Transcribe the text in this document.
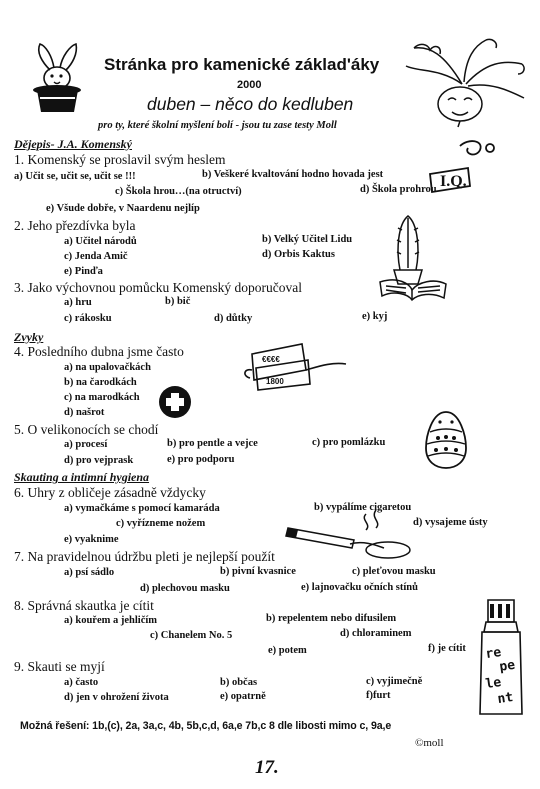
Stránka pro kamenické základ'áky
2000
duben – něco do kedluben
pro ty, které školní myšlení bolí - jsou tu zase testy Moll
Dějepis- J.A. Komenský
1. Komenský se proslavil svým heslem
a) Učit se, učit se, učit se !!!	b) Veškeré kvaltování hodno hovada jest
c) Škola hrou…(na otructví)	d) Škola prohrou
e) Všude dobře, v Naardenu nejlíp
2. Jeho přezdívka byla
a) Učitel národů	b) Velký Učitel Lidu
c) Jenda Amič	d) Orbis Kaktus
e) Pinďa
3. Jako výchovnou pomůcku Komenský doporučoval
a) hru	b) bič
c) rákosku	d) důtky	e) kyj
Zvyky
4. Posledního dubna jsme často
a) na upalovačkách
b) na čarodkách
c) na marodkách
d) našrot
5. O velikonocích se chodí
a) procesí	b) pro pentle a vejce	c) pro pomlázku
d) pro vejprask	e) pro podporu
Skauting a intimní hygiena
6. Uhry z obličeje zásadně vždycky
a) vymačkáme s pomocí kamaráda	b) vypálíme cigaretou
c) vyřízneme nožem	d) vysajeme ústy
e) vyaknime
7. Na pravidelnou údržbu pleti je nejlepší použít
a) psí sádlo	b) pivní kvasnice	c) pleťovou masku
d) plechovou masku	e) lajnovačku očních stínů
8. Správná skautka je cítit
a) kouřem a jehličím	b) repelentem nebo difusilem
c) Chanelem No. 5	d) chloraminem
e) potem	f) je cítit
9. Skauti se myjí
a) často	b) občas	c) vyjimečně
d) jen v ohrožení života	e) opatrně	f)furt
Možná řešení: 1b,(c), 2a, 3a,c, 4b, 5b,c,d, 6a,e 7b,c 8 dle libosti mimo c, 9a,e
©moll
17.
I.Q.
€€€€
1800
re
pe
le
nt
